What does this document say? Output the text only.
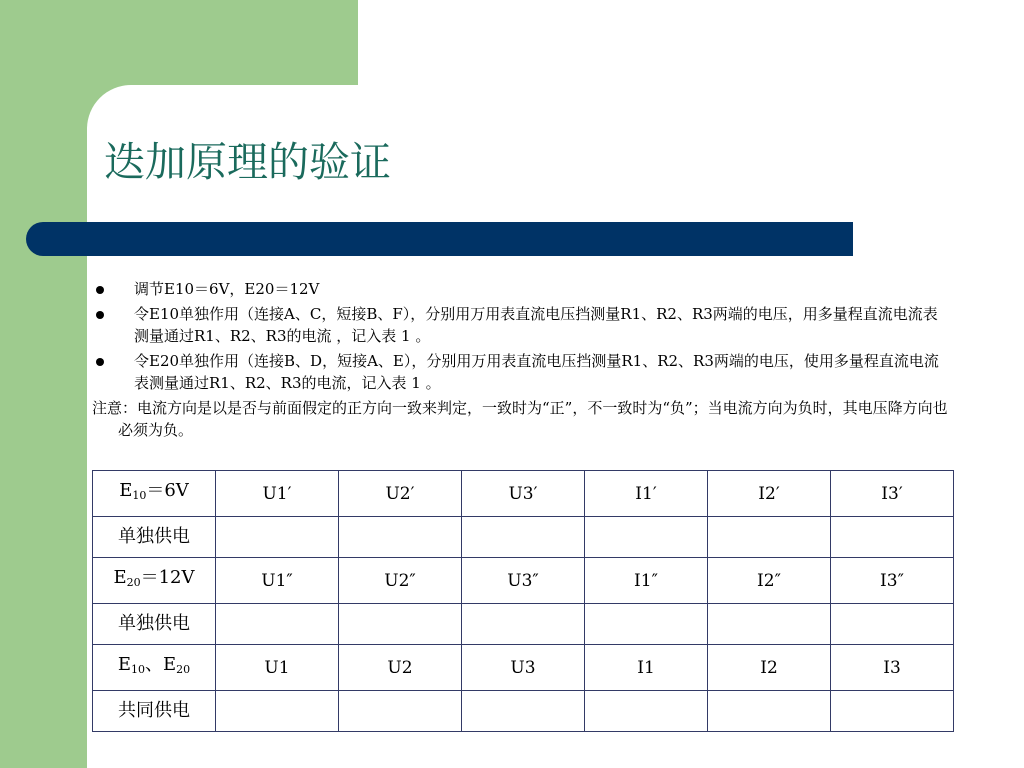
迭加原理的验证
调节E10＝6V，E20＝12V
令E10单独作用（连接A、C，短接B、F），分别用万用表直流电压挡测量R1、R2、R3两端的电压，用多量程直流电流表测量通过R1、R2、R3的电流 ，记入表 1 。
令E20单独作用（连接B、D，短接A、E），分别用万用表直流电压挡测量R1、R2、R3两端的电压，使用多量程直流电流表测量通过R1、R2、R3的电流，记入表 1 。
注意：电流方向是以是否与前面假定的正方向一致来判定，一致时为“正”，不一致时为“负”；当电流方向为负时，其电压降方向也必须为负。
$E_{10}=6V$	U1′	U2′	U3′	I1′	I2′	I3′
单独供电						
$E_{20}=12V$	U1″	U2″	U3″	I1″	I2″	I3″
单独供电						
$E_{10}$、$E_{20}$	U1	U2	U3	I1	I2	I3
共同供电						
